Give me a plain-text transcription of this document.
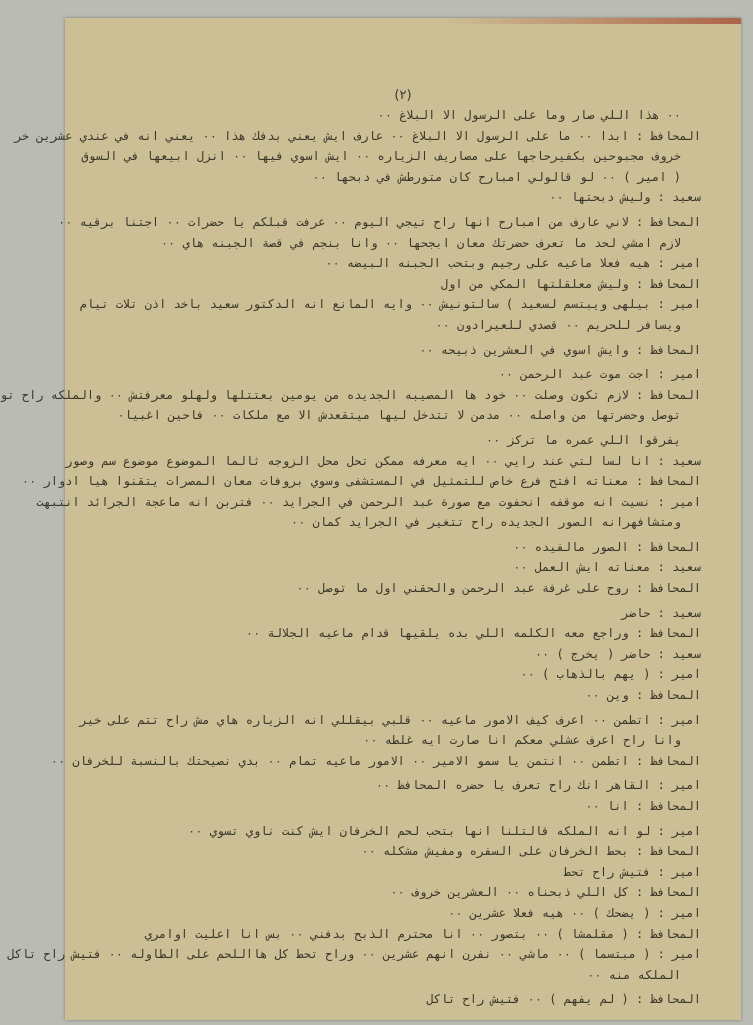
(٢)
٠٠ هذا اللي صار وما على الرسول الا البلاغ ٠٠
المحافظ : ابدا ٠٠ ما على الرسول الا البلاغ ٠٠ عارف ايش يعني بدفك هذا ٠٠ يعني انه في عندي عشرين خر
خروف مجبوحين بكفيرحاجها على مصاريف الزياره ٠٠ ايش اسوي فيها ٠٠ انزل ابيعها في السوق
( امير ) ٠٠ لو قالولي امبارح كان متورطش في دبحها ٠٠
سعيد : وليش دبحتها ٠٠
المحافظ : لاني عارف من امبارح انها راح تيجي اليوم ٠٠ عرفت قبلكم يا حضرات ٠٠ اجتنا برقيه ٠٠
لازم امشي لحد ما تعرف حضرتك معان ابجحها ٠٠ وانا بنجم في قصة الجبنه هاي ٠٠
امير : هيه فعلا ماعيه على رجيم وبتحب الجبنه البيضه ٠٠
المحافظ : وليش معلقلتها المكي من اول
امير : بيلهى ويبتسم لسعيد ) سالتونيش ٠٠ وايه المانع انه الدكتور سعيد باخد اذن تلات تيام
ويسافر للحريم ٠٠ قصدي للعيرادون ٠٠
المحافظ : وايش اسوي في العشرين ذبيحه ٠٠
امير : اجت موت عبد الرحمن ٠٠
المحافظ : لازم تكون وصلت ٠٠ خود ها المصيبه الجديده من يومين بعتتلها ولهلو معرفتش ٠٠ والملكه راح تو
توصل وحضرتها من واصله ٠٠ مدمن لا تتدخل ليها ميتقعدش الا مع ملكات ٠٠ فاحين اغبيا٠
يفرقوا اللي عمره ما تركز ٠٠
سعيد : انا لسا لتي عند رايي ٠٠ ايه معرفه ممكن تحل محل الزوجه ثالما الموضوع موضوع سم وصور
المحافظ : معناته افتح فرع خاص للتمثيل في المستشفى وسوي بروفات معان المصرات يتقنوا هيا ادوار ٠٠
امير : نسيت انه موقفه انحفوت مع صورة عبد الرحمن في الجرايد ٠٠ فتربن انه ماعجة الجرائد انتبهت
ومتشافهرانه الصور الجديده راح تتغير في الجرايد كمان ٠٠
المحافظ : الصور مالفيده ٠٠
سعيد : معناته ايش العمل ٠٠
المحافظ : روح على غرفة عبد الرحمن والحقني اول ما توصل ٠٠
سعيد : حاضر
المحافظ : وراجع معه الكلمه اللي بده يلقيها قدام ماعيه الجلالة ٠٠
سعيد : حاضر ( يخرج ) ٠٠
امير : ( يهم بالذهاب ) ٠٠
المحافظ : وين ٠٠
امير : اتطمن ٠٠ اعرف كيف الامور ماعيه ٠٠ قلبي بيقللي انه الزياره هاي مش راح تتم على خير
وانا راح اعرف عشلي معكم انا صارت ايه غلطه ٠٠
المحافظ : اتطمن ٠٠ انتمن يا سمو الامير ٠٠ الامور ماعيه تمام ٠٠ بدي نصيحتك بالنسبة للخرفان ٠٠
امير : القاهر انك راح تعرف يا حضره المحافظ ٠٠
المحافظ : انا ٠٠
امير : لو انه الملكه قالتلنا انها بتحب لحم الخرفان ايش كنت ناوي تسوي ٠٠
المحافظ : بحط الخرفان على السفره ومفيش مشكله ٠٠
امير : فتيش راح تحط
المحافظ : كل اللي ذبحناه ٠٠ العشرين خروف ٠٠
امير : ( يضحك ) ٠٠ هيه فعلا عشرين ٠٠
المحافظ : ( مقلمشا ) ٠٠ بتصور ٠٠ انا محترم الذبح بدفني ٠٠ بس انا اعليت اوامري
امير : ( مبتسما ) ٠٠ ماشي ٠٠ نفرن انهم عشرين ٠٠ وراح تحط كل هااللحم على الطاوله ٠٠ فتيش راح تاكل
الملكه منه ٠٠
المحافظ : ( لم يفهم ) ٠٠ فتيش راح تاكل
